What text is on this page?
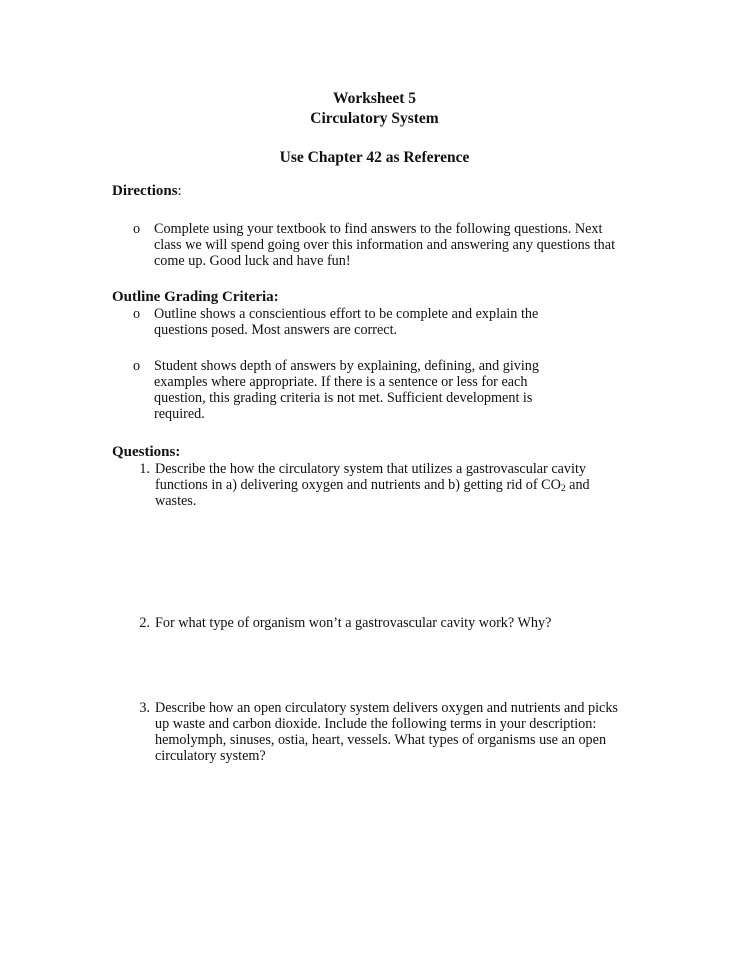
Worksheet 5
Circulatory System
Use Chapter 42 as Reference
Directions:
o Complete using your textbook to find answers to the following questions. Next
class we will spend going over this information and answering any questions that
come up. Good luck and have fun!
Outline Grading Criteria:
o Outline shows a conscientious effort to be complete and explain the
questions posed. Most answers are correct.
o Student shows depth of answers by explaining, defining, and giving
examples where appropriate. If there is a sentence or less for each
question, this grading criteria is not met. Sufficient development is
required.
Questions:
1. Describe the how the circulatory system that utilizes a gastrovascular cavity
functions in a) delivering oxygen and nutrients and b) getting rid of $CO_2$ and
wastes.
2. For what type of organism won’t a gastrovascular cavity work? Why?
3. Describe how an open circulatory system delivers oxygen and nutrients and picks
up waste and carbon dioxide. Include the following terms in your description:
hemolymph, sinuses, ostia, heart, vessels. What types of organisms use an open
circulatory system?
